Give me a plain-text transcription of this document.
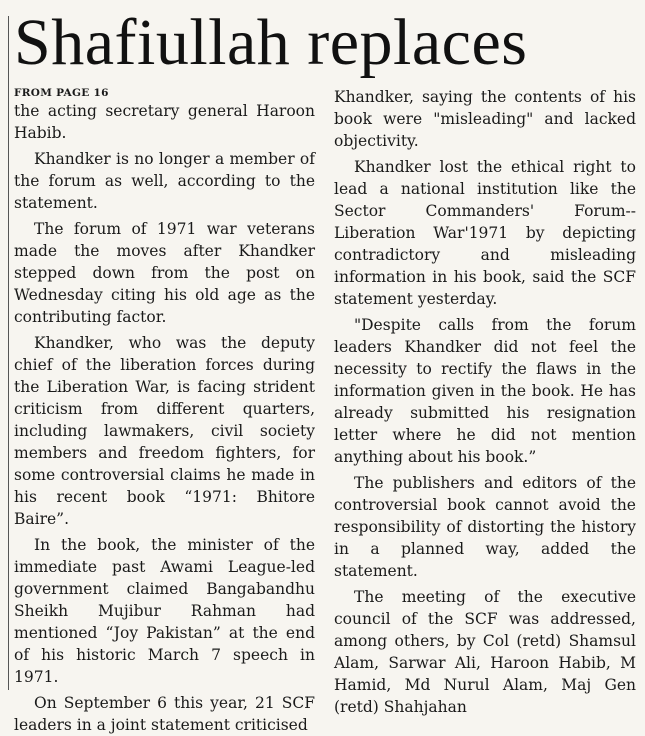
Shafiullah replaces
FROM PAGE 16

the acting secretary general Haroon Habib.

Khandker is no longer a member of the forum as well, according to the statement.

The forum of 1971 war veterans made the moves after Khandker stepped down from the post on Wednesday citing his old age as the contributing factor.

Khandker, who was the deputy chief of the liberation forces during the Liberation War, is facing strident criticism from different quarters, including lawmakers, civil society members and freedom fighters, for some controversial claims he made in his recent book “1971: Bhitore Baire”.

In the book, the minister of the immediate past Awami League-led government claimed Bangabandhu Sheikh Mujibur Rahman had mentioned “Joy Pakistan” at the end of his historic March 7 speech in 1971.

On September 6 this year, 21 SCF leaders in a joint statement criticised

Khandker, saying the contents of his book were "misleading" and lacked objectivity.

Khandker lost the ethical right to lead a national institution like the Sector Commanders' Forum--Liberation War'1971 by depicting contradictory and misleading information in his book, said the SCF statement yesterday.

"Despite calls from the forum leaders Khandker did not feel the necessity to rectify the flaws in the information given in the book. He has already submitted his resignation letter where he did not mention anything about his book.”

The publishers and editors of the controversial book cannot avoid the responsibility of distorting the history in a planned way, added the statement.

The meeting of the executive council of the SCF was addressed, among others, by Col (retd) Shamsul Alam, Sarwar Ali, Haroon Habib, M Hamid, Md Nurul Alam, Maj Gen (retd) Shahjahan
